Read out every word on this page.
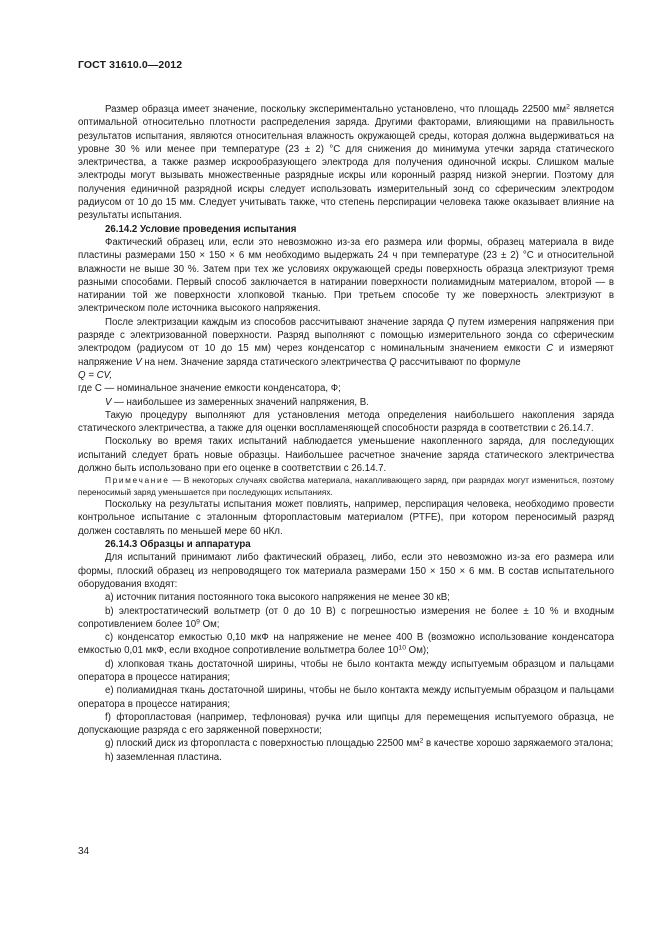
ГОСТ 31610.0—2012

Размер образца имеет значение, поскольку экспериментально установлено, что площадь 22500 $мм^2$ является оптимальной относительно плотности распределения заряда. Другими факторами, влияющими на правильность результатов испытания, являются относительная влажность окружающей среды, которая должна выдерживаться на уровне 30 % или менее при температуре (23 ± 2) °С для снижения до минимума утечки заряда статического электричества, а также размер искрообразующего электрода для получения одиночной искры. Слишком малые электроды могут вызывать множественные разрядные искры или коронный разряд низкой энергии. Поэтому для получения единичной разрядной искры следует использовать измерительный зонд со сферическим электродом радиусом от 10 до 15 мм. Следует учитывать также, что степень перспирации человека также оказывает влияние на результаты испытания.

26.14.2 Условие проведения испытания

Фактический образец или, если это невозможно из-за его размера или формы, образец материала в виде пластины размерами 150 × 150 × 6 мм необходимо выдержать 24 ч при температуре (23 ± 2) °С и относительной влажности не выше 30 %. Затем при тех же условиях окружающей среды поверхность образца электризуют тремя разными способами. Первый способ заключается в натирании поверхности полиамидным материалом, второй — в натирании той же поверхности хлопковой тканью. При третьем способе ту же поверхность электризуют в электрическом поле источника высокого напряжения.

После электризации каждым из способов рассчитывают значение заряда Q путем измерения напряжения при разряде с электризованной поверхности. Разряд выполняют с помощью измерительного зонда со сферическим электродом (радиусом от 10 до 15 мм) через конденсатор с номинальным значением емкости С и измеряют напряжение V на нем. Значение заряда статического электричества Q рассчитывают по формуле

Q = CV,

где С — номинальное значение емкости конденсатора, Ф;

V — наибольшее из замеренных значений напряжения, В.

Такую процедуру выполняют для установления метода определения наибольшего накопления заряда статического электричества, а также для оценки воспламеняющей способности разряда в соответствии с 26.14.7.

Поскольку во время таких испытаний наблюдается уменьшение накопленного заряда, для последующих испытаний следует брать новые образцы. Наибольшее расчетное значение заряда статического электричества должно быть использовано при его оценке в соответствии с 26.14.7.

Примечание — В некоторых случаях свойства материала, накапливающего заряд, при разрядах могут измениться, поэтому переносимый заряд уменьшается при последующих испытаниях.

Поскольку на результаты испытания может повлиять, например, перспирация человека, необходимо провести контрольное испытание с эталонным фторопластовым материалом (PTFE), при котором переносимый разряд должен составлять по меньшей мере 60 нКл.

26.14.3 Образцы и аппаратура

Для испытаний принимают либо фактический образец, либо, если это невозможно из-за его размера или формы, плоский образец из непроводящего ток материала размерами 150 × 150 × 6 мм. В состав испытательного оборудования входят:

а) источник питания постоянного тока высокого напряжения не менее 30 кВ;

b) электростатический вольтметр (от 0 до 10 В) с погрешностью измерения не более ± 10 % и входным сопротивлением более $10^9$ Ом;

с) конденсатор емкостью 0,10 мкФ на напряжение не менее 400 В (возможно использование конденсатора емкостью 0,01 мкФ, если входное сопротивление вольтметра более $10^{10}$ Ом);

d) хлопковая ткань достаточной ширины, чтобы не было контакта между испытуемым образцом и пальцами оператора в процессе натирания;

е) полиамидная ткань достаточной ширины, чтобы не было контакта между испытуемым образцом и пальцами оператора в процессе натирания;

f) фторопластовая (например, тефлоновая) ручка или щипцы для перемещения испытуемого образца, не допускающие разряда с его заряженной поверхности;

g) плоский диск из фторопласта с поверхностью площадью 22500 $мм^2$ в качестве хорошо заряжаемого эталона;

h) заземленная пластина.

34
